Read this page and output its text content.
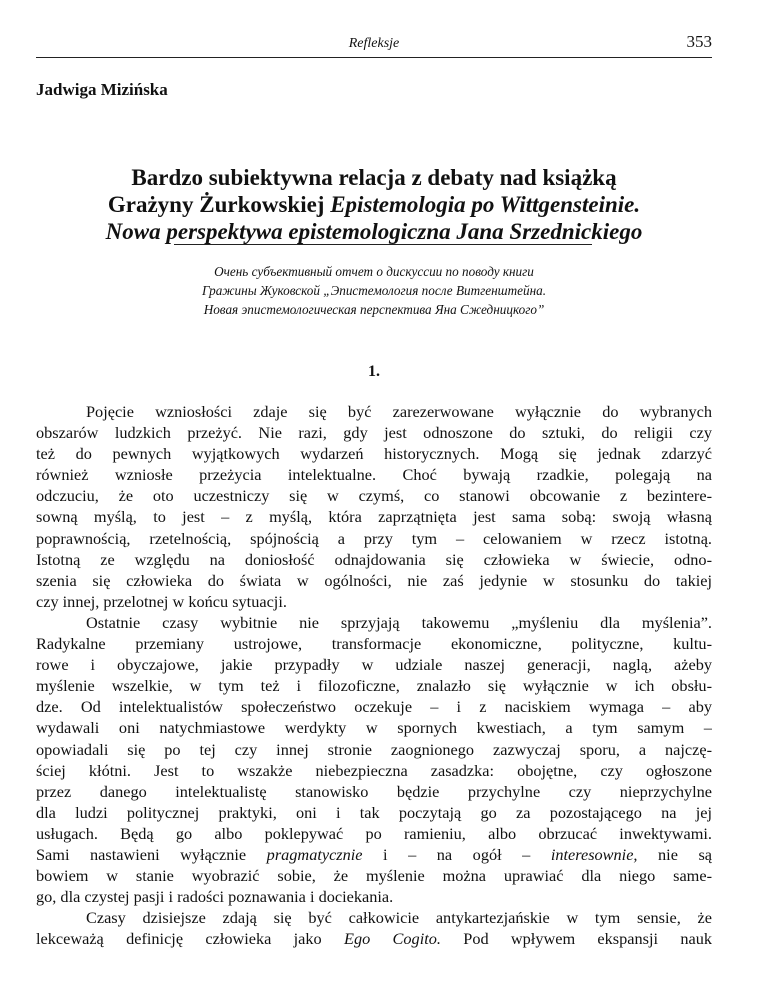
Refleksje	353
Jadwiga Mizińska
Bardzo subiektywna relacja z debaty nad książką
Grażyny Żurkowskiej Epistemologia po Wittgensteinie.
Nowa perspektywa epistemologiczna Jana Srzednickiego
Очень субъективный отчет о дискуссии по поводу книги
Гражины Жуковской „Эпистемология после Витгенштейна.
Новая эпистемологическая перспектива Яна Сжедницкого”
1.
Pojęcie wzniosłości zdaje się być zarezerwowane wyłącznie do wybranych
obszarów ludzkich przeżyć. Nie razi, gdy jest odnoszone do sztuki, do religii czy
też do pewnych wyjątkowych wydarzeń historycznych. Mogą się jednak zdarzyć
również wzniosłe przeżycia intelektualne. Choć bywają rzadkie, polegają na
odczuciu, że oto uczestniczy się w czymś, co stanowi obcowanie z bezintere-
sowną myślą, to jest – z myślą, która zaprzątnięta jest sama sobą: swoją własną
poprawnością, rzetelnością, spójnością a przy tym – celowaniem w rzecz istotną.
Istotną ze względu na doniosłość odnajdowania się człowieka w świecie, odno-
szenia się człowieka do świata w ogólności, nie zaś jedynie w stosunku do takiej
czy innej, przelotnej w końcu sytuacji.
Ostatnie czasy wybitnie nie sprzyjają takowemu „myśleniu dla myślenia”.
Radykalne przemiany ustrojowe, transformacje ekonomiczne, polityczne, kultu-
rowe i obyczajowe, jakie przypadły w udziale naszej generacji, naglą, ażeby
myślenie wszelkie, w tym też i filozoficzne, znalazło się wyłącznie w ich obsłu-
dze. Od intelektualistów społeczeństwo oczekuje – i z naciskiem wymaga – aby
wydawali oni natychmiastowe werdykty w spornych kwestiach, a tym samym –
opowiadali się po tej czy innej stronie zaognionego zazwyczaj sporu, a najczę-
ściej kłótni. Jest to wszakże niebezpieczna zasadzka: obojętne, czy ogłoszone
przez danego intelektualistę stanowisko będzie przychylne czy nieprzychylne
dla ludzi politycznej praktyki, oni i tak poczytają go za pozostającego na jej
usługach. Będą go albo poklepywać po ramieniu, albo obrzucać inwektywami.
Sami nastawieni wyłącznie pragmatycznie i – na ogół – interesownie, nie są
bowiem w stanie wyobrazić sobie, że myślenie można uprawiać dla niego same-
go, dla czystej pasji i radości poznawania i dociekania.
Czasy dzisiejsze zdają się być całkowicie antykartezjańskie w tym sensie, że
lekceważą definicję człowieka jako Ego Cogito. Pod wpływem ekspansji nauk
